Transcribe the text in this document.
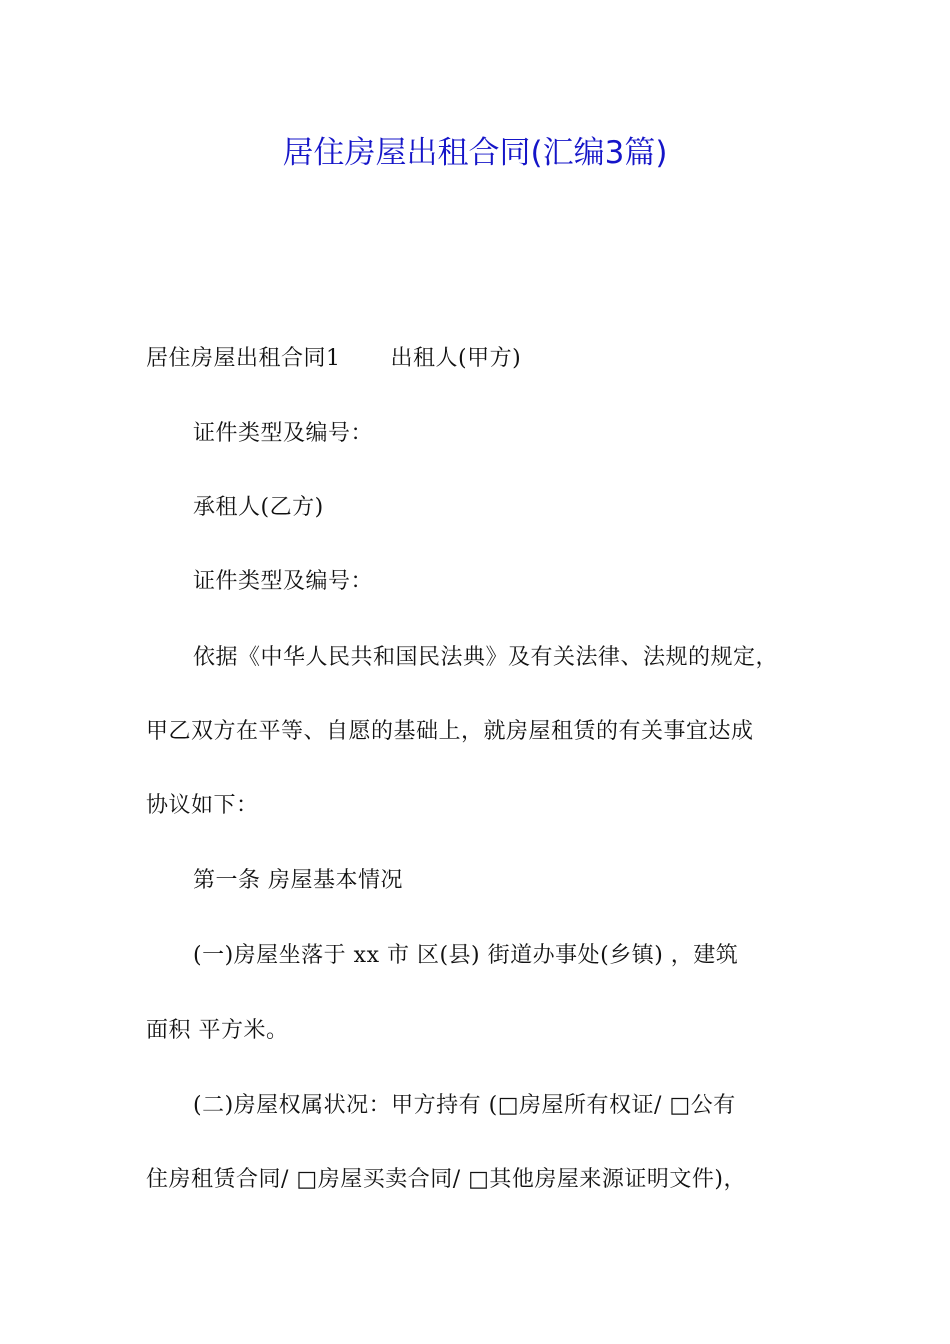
居住房屋出租合同(汇编3篇)
居住房屋出租合同1 出租人(甲方)
证件类型及编号：
承租人(乙方)
证件类型及编号：
依据《中华人民共和国民法典》及有关法律、法规的规定，
甲乙双方在平等、自愿的基础上，就房屋租赁的有关事宜达成
协议如下：
第一条 房屋基本情况
(一)房屋坐落于 xx 市 区(县) 街道办事处(乡镇) ，建筑
面积 平方米。
(二)房屋权属状况：甲方持有 (□房屋所有权证/ □公有
住房租赁合同/ □房屋买卖合同/ □其他房屋来源证明文件)，
